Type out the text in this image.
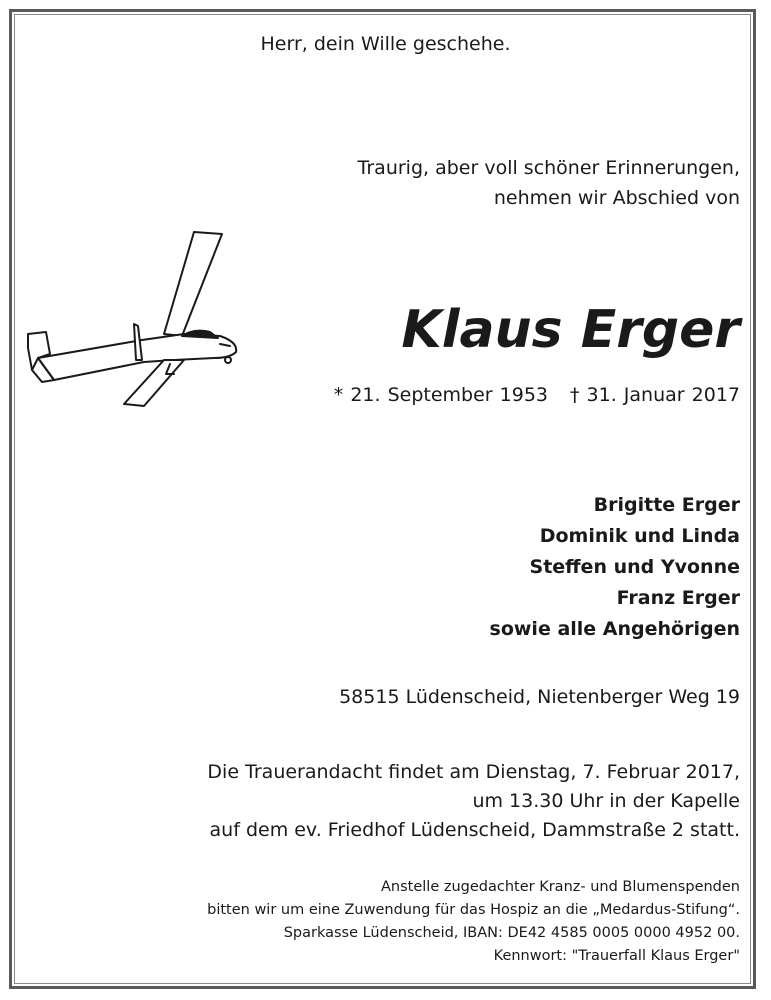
Herr, dein Wille geschehe.
Traurig, aber voll schöner Erinnerungen,
nehmen wir Abschied von
Klaus Erger
* 21. September 1953 † 31. Januar 2017
Brigitte Erger
Dominik und Linda
Steffen und Yvonne
Franz Erger
sowie alle Angehörigen
58515 Lüdenscheid, Nietenberger Weg 19
Die Trauerandacht findet am Dienstag, 7. Februar 2017,
um 13.30 Uhr in der Kapelle
auf dem ev. Friedhof Lüdenscheid, Dammstraße 2 statt.
Anstelle zugedachter Kranz- und Blumenspenden
bitten wir um eine Zuwendung für das Hospiz an die „Medardus-Stifung“.
Sparkasse Lüdenscheid, IBAN: DE42 4585 0005 0000 4952 00.
Kennwort: "Trauerfall Klaus Erger"
